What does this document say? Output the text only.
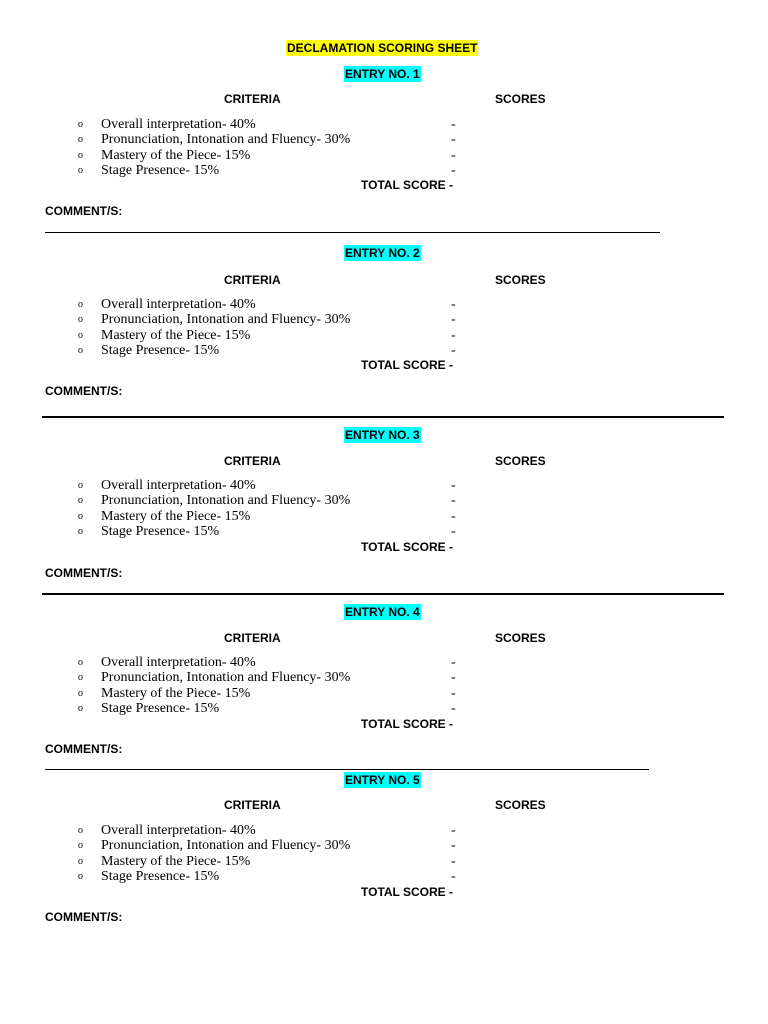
DECLAMATION SCORING SHEET
ENTRY NO. 1
CRITERIA	SCORES
o Overall interpretation- 40%	-
o Pronunciation, Intonation and Fluency- 30%	-
o Mastery of the Piece- 15%	-
o Stage Presence- 15%	-
TOTAL SCORE -
COMMENT/S:
ENTRY NO. 2
CRITERIA	SCORES
o Overall interpretation- 40%	-
o Pronunciation, Intonation and Fluency- 30%	-
o Mastery of the Piece- 15%	-
o Stage Presence- 15%	-
TOTAL SCORE -
COMMENT/S:
ENTRY NO. 3
CRITERIA	SCORES
o Overall interpretation- 40%	-
o Pronunciation, Intonation and Fluency- 30%	-
o Mastery of the Piece- 15%	-
o Stage Presence- 15%	-
TOTAL SCORE -
COMMENT/S:
ENTRY NO. 4
CRITERIA	SCORES
o Overall interpretation- 40%	-
o Pronunciation, Intonation and Fluency- 30%	-
o Mastery of the Piece- 15%	-
o Stage Presence- 15%	-
TOTAL SCORE -
COMMENT/S:
ENTRY NO. 5
CRITERIA	SCORES
o Overall interpretation- 40%	-
o Pronunciation, Intonation and Fluency- 30%	-
o Mastery of the Piece- 15%	-
o Stage Presence- 15%	-
TOTAL SCORE -
COMMENT/S:
